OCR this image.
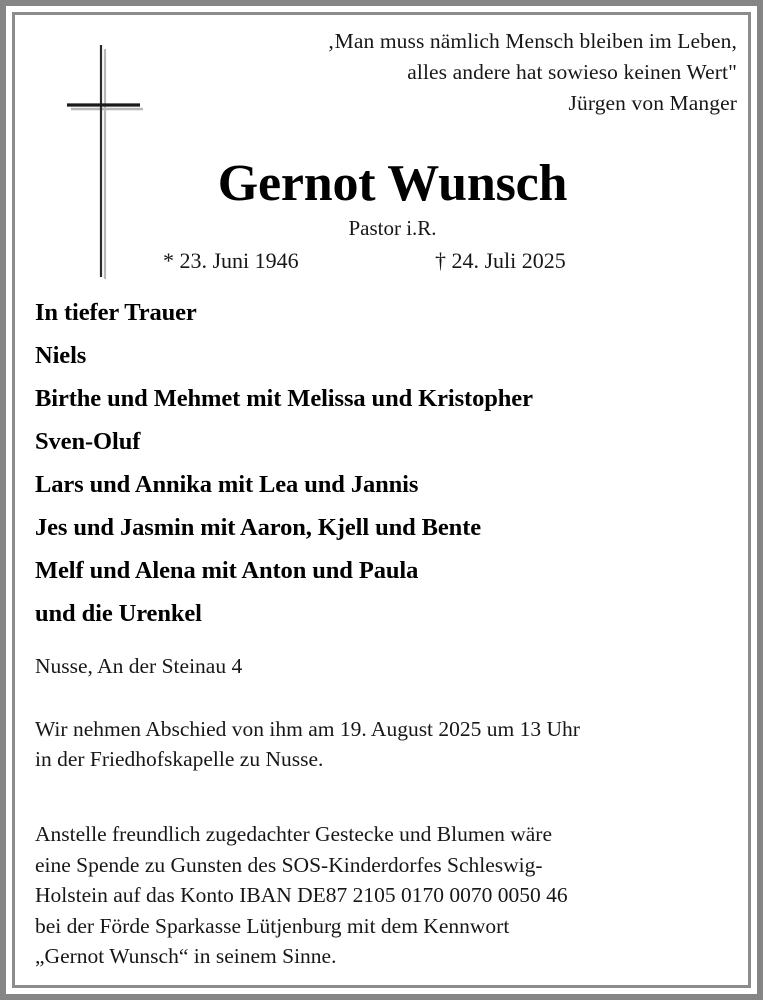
‚Man muss nämlich Mensch bleiben im Leben,
alles andere hat sowieso keinen Wert"
Jürgen von Manger
Gernot Wunsch
Pastor i.R.
* 23. Juni 1946	† 24. Juli 2025
In tiefer Trauer
Niels
Birthe und Mehmet mit Melissa und Kristopher
Sven-Oluf
Lars und Annika mit Lea und Jannis
Jes und Jasmin mit Aaron, Kjell und Bente
Melf und Alena mit Anton und Paula
und die Urenkel
Nusse, An der Steinau 4
Wir nehmen Abschied von ihm am 19. August 2025 um 13 Uhr
in der Friedhofskapelle zu Nusse.
Anstelle freundlich zugedachter Gestecke und Blumen wäre
eine Spende zu Gunsten des SOS-Kinderdorfes Schleswig-
Holstein auf das Konto IBAN DE87 2105 0170 0070 0050 46
bei der Förde Sparkasse Lütjenburg mit dem Kennwort
„Gernot Wunsch“ in seinem Sinne.
